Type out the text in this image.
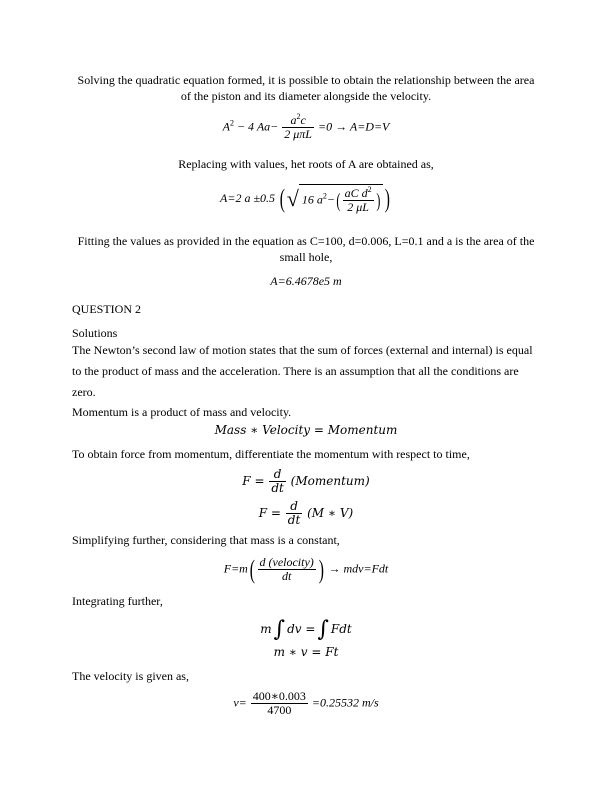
Solving the quadratic equation formed, it is possible to obtain the relationship between the area
of the piston and its diameter alongside the velocity.
$A^2 - 4$ $Aa- \frac{a^2c}{\text{2 μπL}} =0 \to A=D=V$
Replacing with values, het roots of A are obtained as,
A=2 a ±0.5 (√ 16 $a^2-( \frac{aC d^2}{2 \mu L}$ ) )
Fitting the values as provided in the equation as C=100, d=0.006, L=0.1 and a is the area of the
small hole,
A=6.4678e5 m
QUESTION 2
Solutions
The Newton’s second law of motion states that the sum of forces (external and internal) is equal
to the product of mass and the acceleration. There is an assumption that all the conditions are
zero.
Momentum is a product of mass and velocity.
Mass ∗ Velocity = Momentum
To obtain force from momentum, differentiate the momentum with respect to time,
$F = \frac{d}{dt}$ (Momentum)
$F = \frac{d}{dt} (M$ ∗ V)
Simplifying further, considering that mass is a constant,
$F=m( \frac{\text{d (velocity)}}{dt}$ ) → mdv=Fdt
Integrating further,
m∫ dv =∫ Fdt
m ∗ v = Ft
The velocity is given as,
$v= \frac{400∗0.003}{4700} =0.25532$ m/s
